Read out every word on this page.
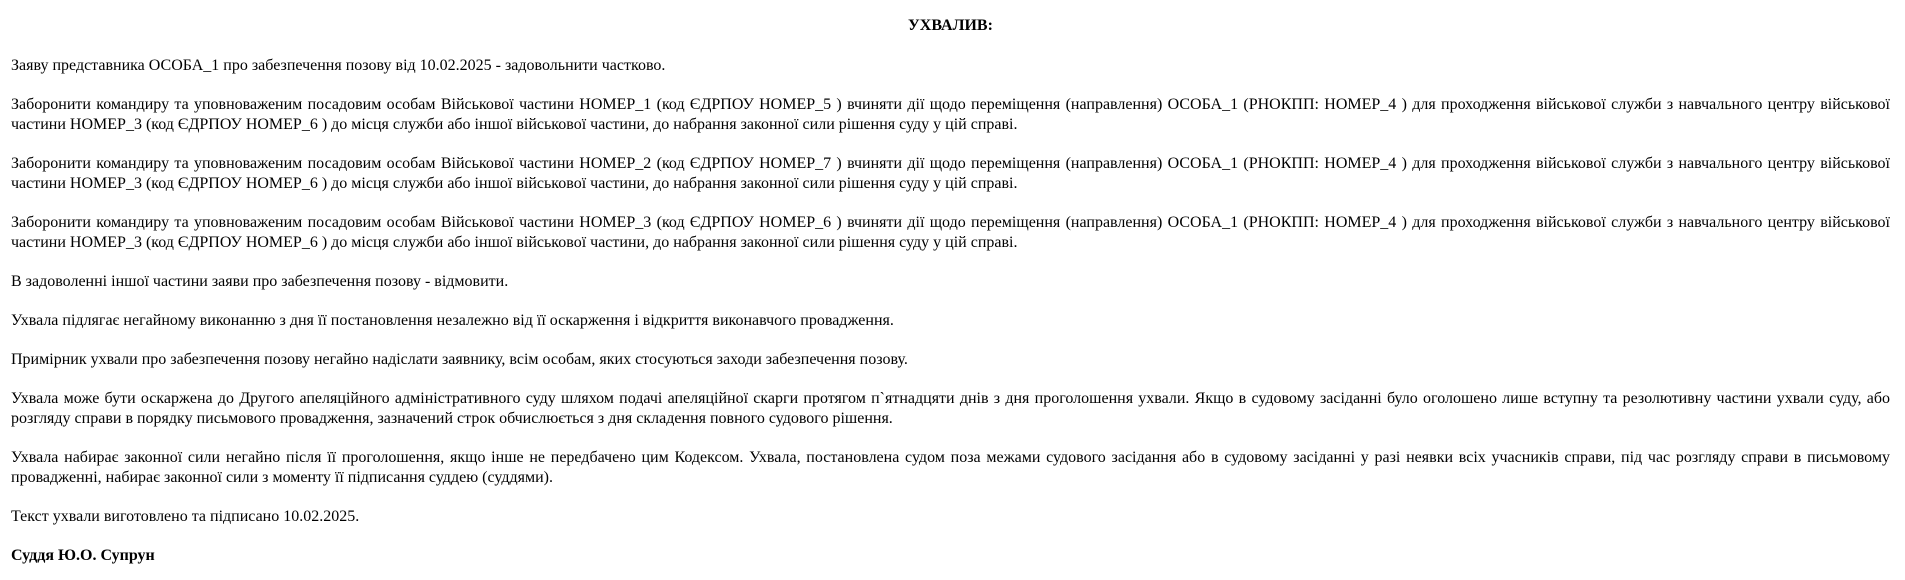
УХВАЛИВ:

Заяву представника ОСОБА_1 про забезпечення позову від 10.02.2025 - задовольнити частково.

Заборонити командиру та уповноваженим посадовим особам Військової частини НОМЕР_1 (код ЄДРПОУ НОМЕР_5 ) вчиняти дії щодо переміщення (направлення) ОСОБА_1 (РНОКПП: НОМЕР_4 ) для проходження військової служби з навчального центру військової частини НОМЕР_3 (код ЄДРПОУ НОМЕР_6 ) до місця служби або іншої військової частини, до набрання законної сили рішення суду у цій справі.

Заборонити командиру та уповноваженим посадовим особам Військової частини НОМЕР_2 (код ЄДРПОУ НОМЕР_7 ) вчиняти дії щодо переміщення (направлення) ОСОБА_1 (РНОКПП: НОМЕР_4 ) для проходження військової служби з навчального центру військової частини НОМЕР_3 (код ЄДРПОУ НОМЕР_6 ) до місця служби або іншої військової частини, до набрання законної сили рішення суду у цій справі.

Заборонити командиру та уповноваженим посадовим особам Військової частини НОМЕР_3 (код ЄДРПОУ НОМЕР_6 ) вчиняти дії щодо переміщення (направлення) ОСОБА_1 (РНОКПП: НОМЕР_4 ) для проходження військової служби з навчального центру військової частини НОМЕР_3 (код ЄДРПОУ НОМЕР_6 ) до місця служби або іншої військової частини, до набрання законної сили рішення суду у цій справі.

В задоволенні іншої частини заяви про забезпечення позову - відмовити.

Ухвала підлягає негайному виконанню з дня її постановлення незалежно від її оскарження і відкриття виконавчого провадження.

Примірник ухвали про забезпечення позову негайно надіслати заявнику, всім особам, яких стосуються заходи забезпечення позову.

Ухвала може бути оскаржена до Другого апеляційного адміністративного суду шляхом подачі апеляційної скарги протягом п`ятнадцяти днів з дня проголошення ухвали. Якщо в судовому засіданні було оголошено лише вступну та резолютивну частини ухвали суду, або розгляду справи в порядку письмового провадження, зазначений строк обчислюється з дня складення повного судового рішення.

Ухвала набирає законної сили негайно після її проголошення, якщо інше не передбачено цим Кодексом. Ухвала, постановлена судом поза межами судового засідання або в судовому засіданні у разі неявки всіх учасників справи, під час розгляду справи в письмовому провадженні, набирає законної сили з моменту її підписання суддею (суддями).

Текст ухвали виготовлено та підписано 10.02.2025.

Суддя Ю.О. Супрун
